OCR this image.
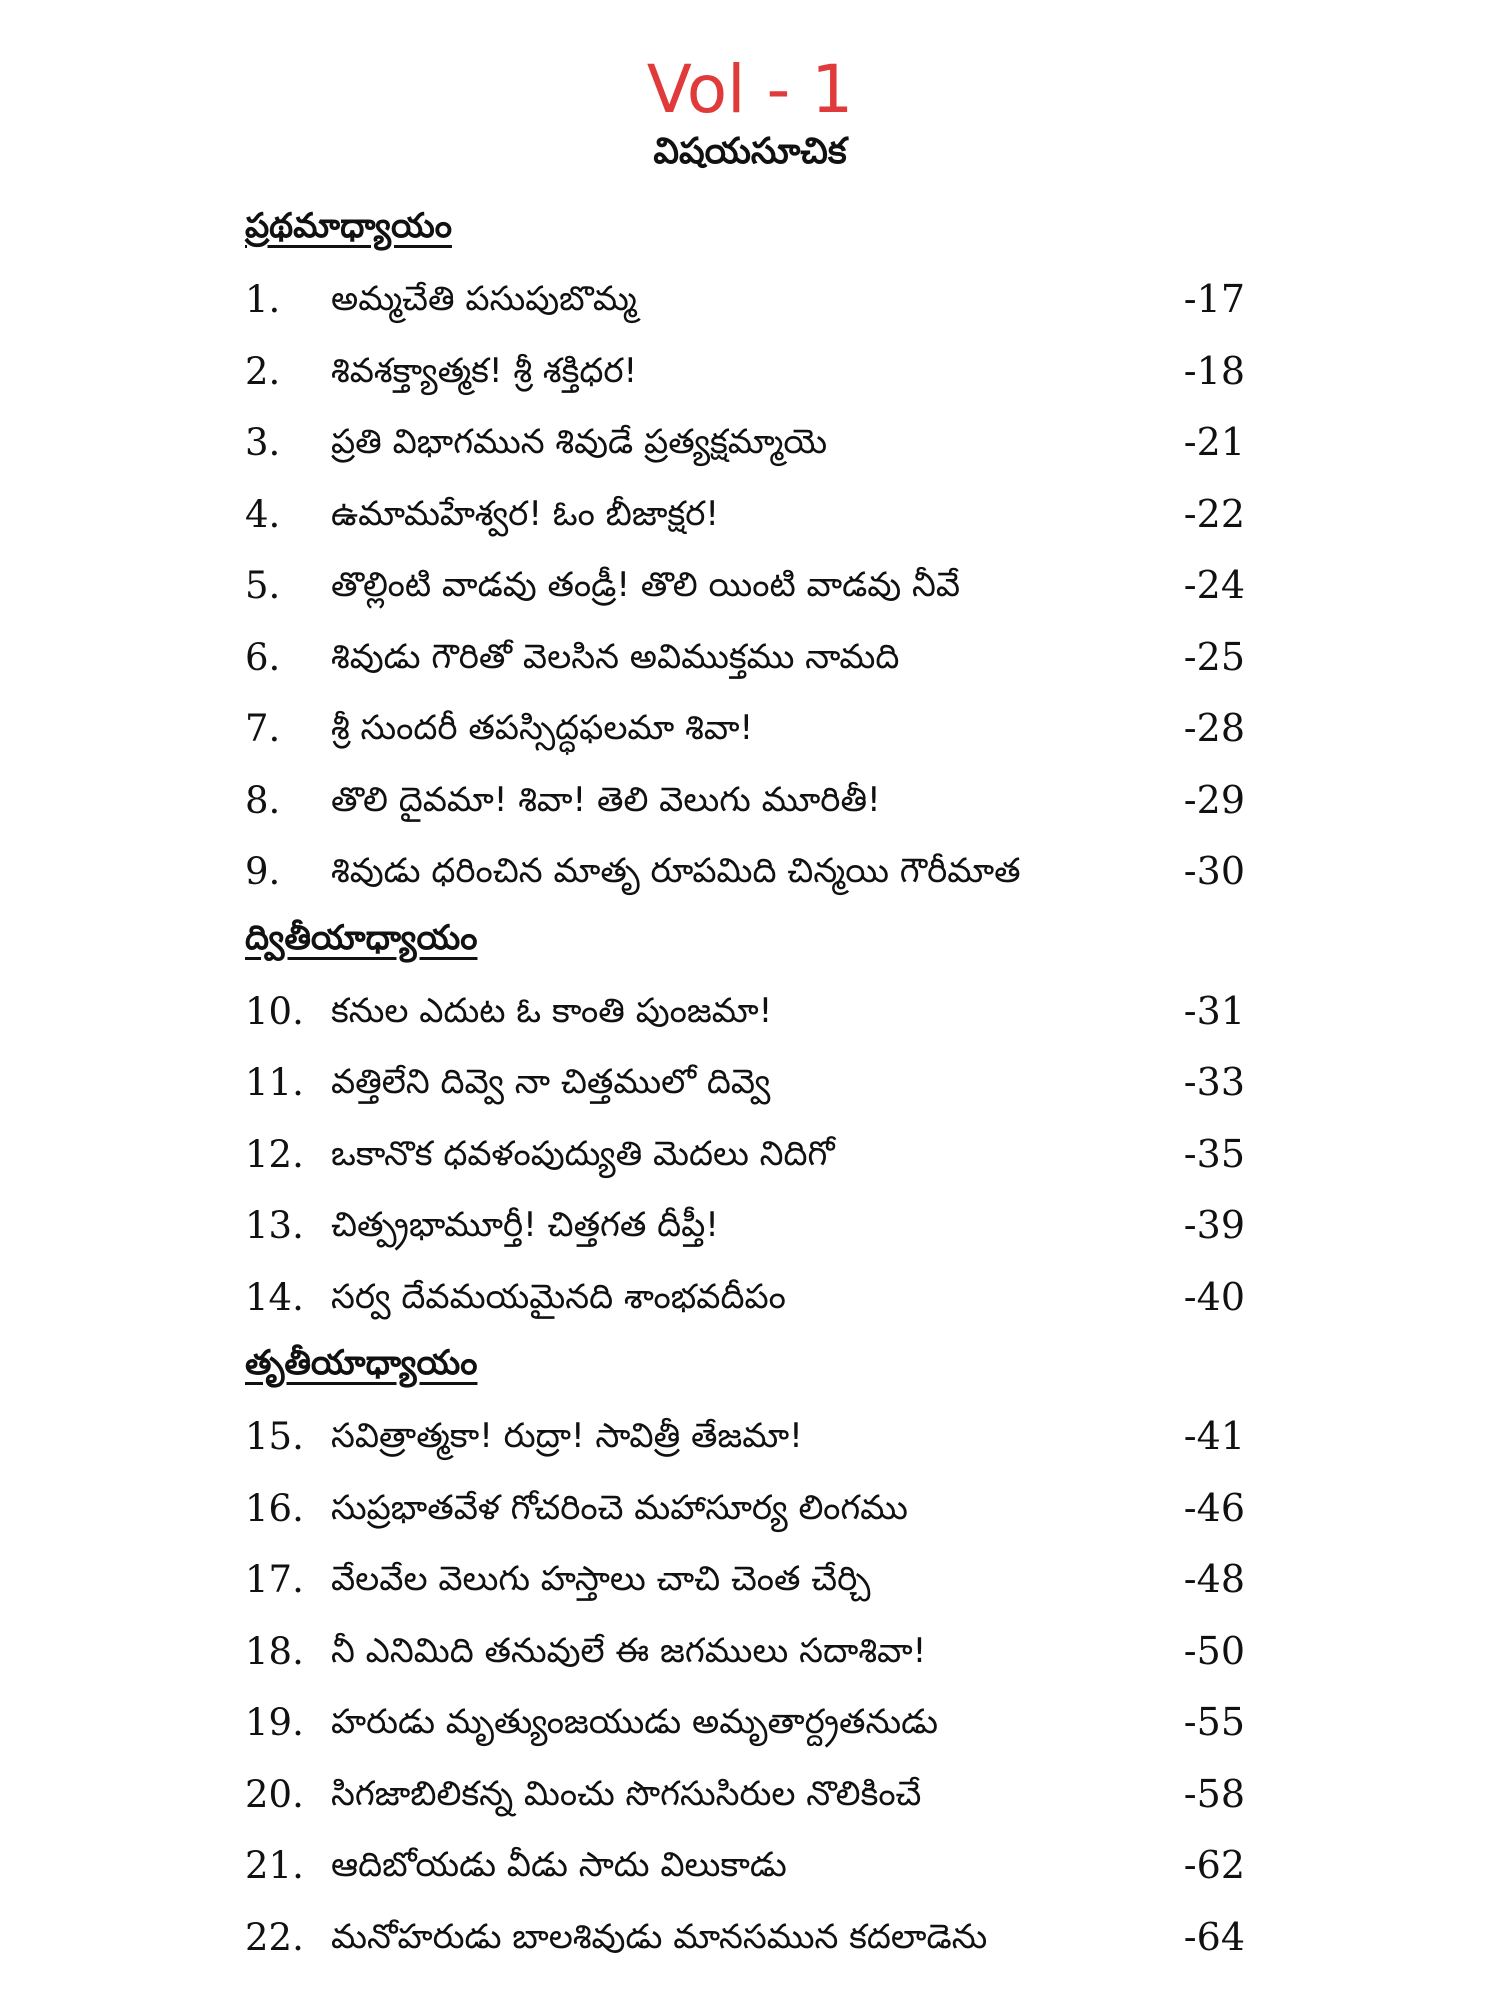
Vol - 1
విషయసూచిక
ప్రథమాధ్యాయం
1. అమ్మచేతి పసుపుబొమ్మ	-17
2. శివశక్త్యాత్మక! శ్రీ శక్తిధర!	-18
3. ప్రతి విభాగమున శివుడే ప్రత్యక్షమ్మాయె	-21
4. ఉమామహేశ్వర! ఓం బీజాక్షర!	-22
5. తొల్లింటి వాడవు తండ్రీ! తొలి యింటి వాడవు నీవే	-24
6. శివుడు గౌరితో వెలసిన అవిముక్తము నామది	-25
7. శ్రీ సుందరీ తపస్సిద్ధఫలమా శివా!	-28
8. తొలి దైవమా! శివా! తెలి వెలుగు మూరితీ!	-29
9. శివుడు ధరించిన మాతృ రూపమిది చిన్మయి గౌరీమాత	-30
ద్వితీయాధ్యాయం
10. కనుల ఎదుట ఓ కాంతి పుంజమా!	-31
11. వత్తిలేని దివ్వె నా చిత్తములో దివ్వె	-33
12. ఒకానొక ధవళంపుద్యుతి మెదలు నిదిగో	-35
13. చిత్ప్రభామూర్తీ! చిత్తగత దీప్తీ!	-39
14. సర్వ దేవమయమైనది శాంభవదీపం	-40
తృతీయాధ్యాయం
15. సవిత్రాత్మకా! రుద్రా! సావిత్రీ తేజమా!	-41
16. సుప్రభాతవేళ గోచరించె మహాసూర్య లింగము	-46
17. వేలవేల వెలుగు హస్తాలు చాచి చెంత చేర్చి	-48
18. నీ ఎనిమిది తనువులే ఈ జగములు సదాశివా!	-50
19. హరుడు మృత్యుంజయుడు అమృతార్ద్రతనుడు	-55
20. సిగజాబిలికన్న మించు సొగసుసిరుల నొలికించే	-58
21. ఆదిబోయడు వీడు సాదు విలుకాడు	-62
22. మనోహరుడు బాలశివుడు మానసమున కదలాడెను	-64
